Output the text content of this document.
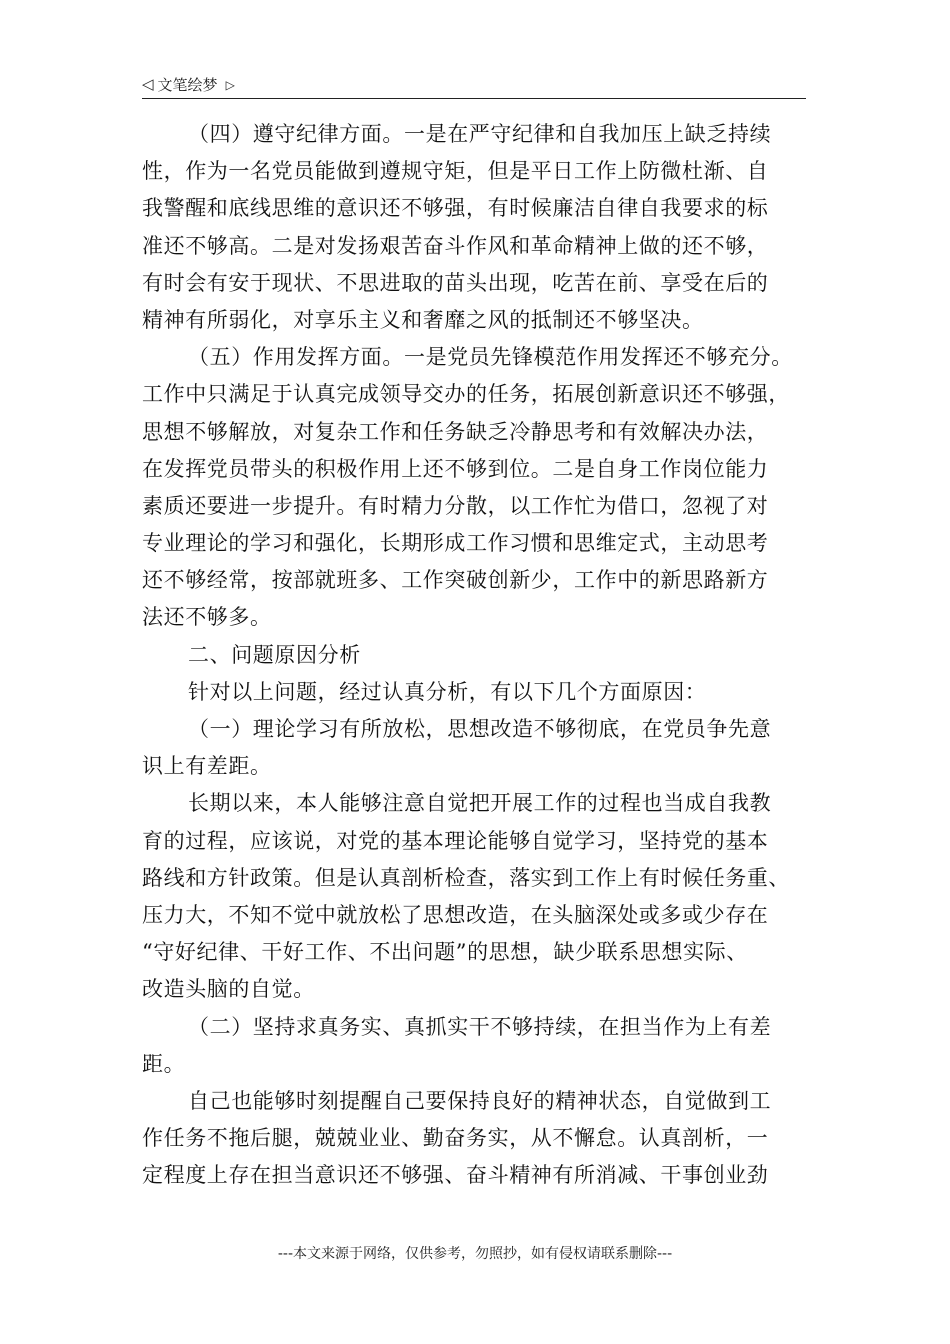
◁ 文笔绘梦 ▷
（四）遵守纪律方面。一是在严守纪律和自我加压上缺乏持续
性，作为一名党员能做到遵规守矩，但是平日工作上防微杜渐、自
我警醒和底线思维的意识还不够强，有时候廉洁自律自我要求的标
准还不够高。二是对发扬艰苦奋斗作风和革命精神上做的还不够，
有时会有安于现状、不思进取的苗头出现，吃苦在前、享受在后的
精神有所弱化，对享乐主义和奢靡之风的抵制还不够坚决。
（五）作用发挥方面。一是党员先锋模范作用发挥还不够充分。
工作中只满足于认真完成领导交办的任务，拓展创新意识还不够强，
思想不够解放，对复杂工作和任务缺乏冷静思考和有效解决办法，
在发挥党员带头的积极作用上还不够到位。二是自身工作岗位能力
素质还要进一步提升。有时精力分散，以工作忙为借口，忽视了对
专业理论的学习和强化，长期形成工作习惯和思维定式，主动思考
还不够经常，按部就班多、工作突破创新少，工作中的新思路新方
法还不够多。
二、问题原因分析
针对以上问题，经过认真分析，有以下几个方面原因：
（一）理论学习有所放松，思想改造不够彻底，在党员争先意
识上有差距。
长期以来，本人能够注意自觉把开展工作的过程也当成自我教
育的过程，应该说，对党的基本理论能够自觉学习，坚持党的基本
路线和方针政策。但是认真剖析检查，落实到工作上有时候任务重、
压力大，不知不觉中就放松了思想改造，在头脑深处或多或少存在
“守好纪律、干好工作、不出问题”的思想，缺少联系思想实际、
改造头脑的自觉。
（二）坚持求真务实、真抓实干不够持续，在担当作为上有差
距。
自己也能够时刻提醒自己要保持良好的精神状态，自觉做到工
作任务不拖后腿，兢兢业业、勤奋务实，从不懈怠。认真剖析，一
定程度上存在担当意识还不够强、奋斗精神有所消减、干事创业劲
---本文来源于网络，仅供参考，勿照抄，如有侵权请联系删除---
